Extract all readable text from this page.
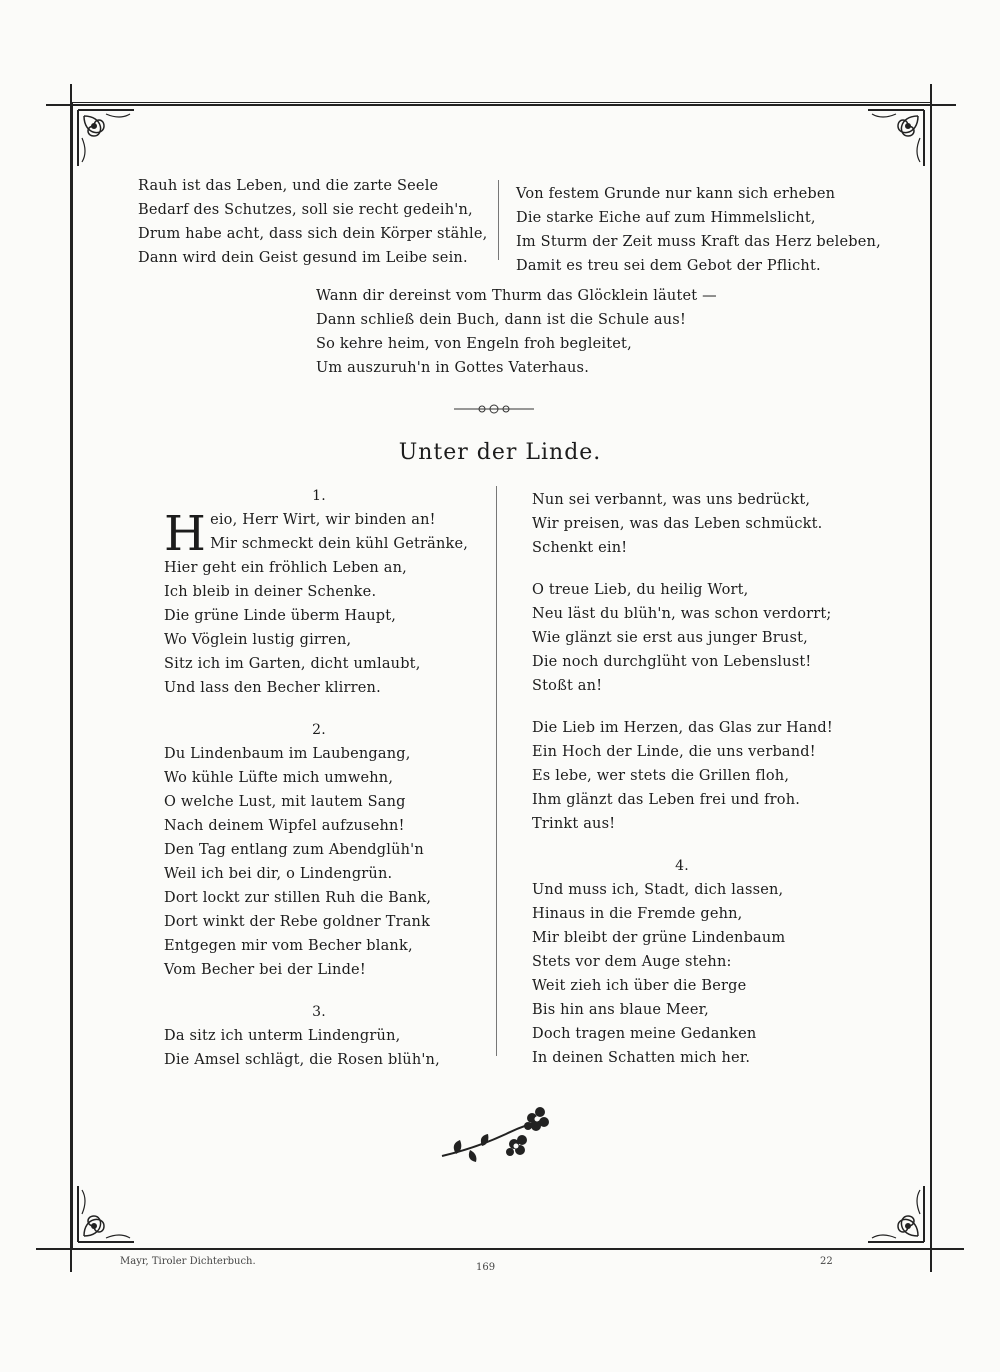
Rauh ist das Leben, und die zarte Seele
Bedarf des Schutzes, soll sie recht gedeih'n,
Drum habe acht, dass sich dein Körper stähle,
Dann wird dein Geist gesund im Leibe sein.
Von festem Grunde nur kann sich erheben
Die starke Eiche auf zum Himmelslicht,
Im Sturm der Zeit muss Kraft das Herz beleben,
Damit es treu sei dem Gebot der Pflicht.
Wann dir dereinst vom Thurm das Glöcklein läutet —
Dann schließ dein Buch, dann ist die Schule aus!
So kehre heim, von Engeln froh begleitet,
Um auszuruh'n in Gottes Vaterhaus.
Unter der Linde.
1.
H eio, Herr Wirt, wir binden an!
Mir schmeckt dein kühl Getränke,
Hier geht ein fröhlich Leben an,
Ich bleib in deiner Schenke.
Die grüne Linde überm Haupt,
Wo Vöglein lustig girren,
Sitz ich im Garten, dicht umlaubt,
Und lass den Becher klirren.
2.
Du Lindenbaum im Laubengang,
Wo kühle Lüfte mich umwehn,
O welche Lust, mit lautem Sang
Nach deinem Wipfel aufzusehn!
Den Tag entlang zum Abendglüh'n
Weil ich bei dir, o Lindengrün.
Dort lockt zur stillen Ruh die Bank,
Dort winkt der Rebe goldner Trank
Entgegen mir vom Becher blank,
Vom Becher bei der Linde!
3.
Da sitz ich unterm Lindengrün,
Die Amsel schlägt, die Rosen blüh'n,
Nun sei verbannt, was uns bedrückt,
Wir preisen, was das Leben schmückt.
Schenkt ein!
O treue Lieb, du heilig Wort,
Neu läst du blüh'n, was schon verdorrt;
Wie glänzt sie erst aus junger Brust,
Die noch durchglüht von Lebenslust!
Stoßt an!
Die Lieb im Herzen, das Glas zur Hand!
Ein Hoch der Linde, die uns verband!
Es lebe, wer stets die Grillen floh,
Ihm glänzt das Leben frei und froh.
Trinkt aus!
4.
Und muss ich, Stadt, dich lassen,
Hinaus in die Fremde gehn,
Mir bleibt der grüne Lindenbaum
Stets vor dem Auge stehn:
Weit zieh ich über die Berge
Bis hin ans blaue Meer,
Doch tragen meine Gedanken
In deinen Schatten mich her.
Mayr, Tiroler Dichterbuch.
169
22
